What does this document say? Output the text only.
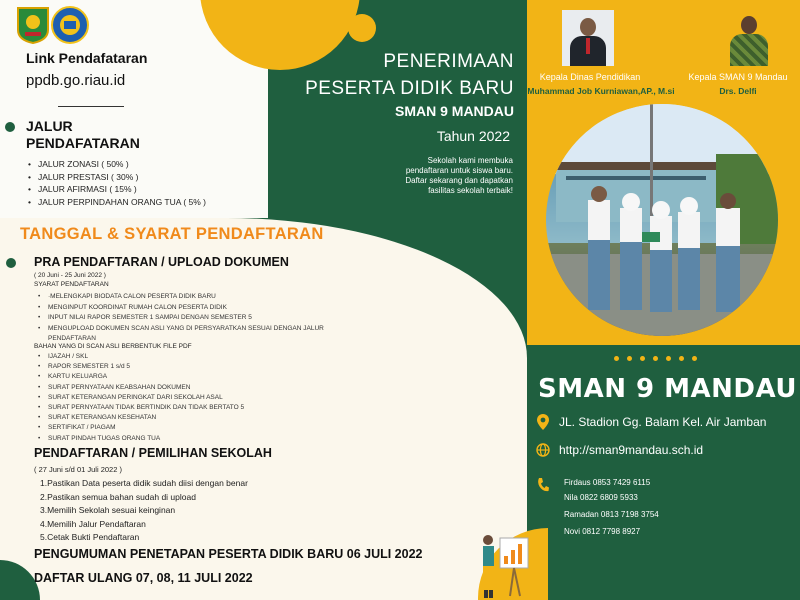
Link Pendafataran
ppdb.go.riau.id
JALUR
PENDAFATARAN
• JALUR ZONASI ( 50% )
• JALUR PRESTASI ( 30% )
• JALUR AFIRMASI ( 15% )
• JALUR PERPINDAHAN ORANG TUA ( 5% )
PENERIMAAN
PESERTA DIDIK BARU
SMAN 9 MANDAU
Tahun 2022
Sekolah kami membuka
pendaftaran untuk siswa baru.
Daftar sekarang dan dapatkan
fasilitas sekolah terbaik!
Kepala Dinas Pendidikan
Muhammad Job Kurniawan,AP., M.si
Kepala SMAN 9 Mandau
Drs. Delfi
TANGGAL & SYARAT PENDAFTARAN
PRA PENDAFTARAN / UPLOAD DOKUMEN
( 20 Juni - 25 Juni 2022 )
SYARAT PENDAFTARAN
• ·MELENGKAPI BIODATA CALON PESERTA DIDIK BARU
• MENGINPUT KOORDINAT RUMAH CALON PESERTA DIDIK
• INPUT NILAI RAPOR SEMESTER 1 SAMPAI DENGAN SEMESTER 5
• MENGUPLOAD DOKUMEN SCAN ASLI YANG DI PERSYARATKAN SESUAI DENGAN JALUR PENDAFTARAN
BAHAN YANG DI SCAN ASLI BERBENTUK FILE PDF
• IJAZAH / SKL
• RAPOR SEMESTER 1 s/d 5
• KARTU KELUARGA
• SURAT PERNYATAAN KEABSAHAN DOKUMEN
• SURAT KETERANGAN PERINGKAT DARI SEKOLAH ASAL
• SURAT PERNYATAAN TIDAK BERTINDIK DAN TIDAK BERTATO 5
• SURAT KETERANGAN KESEHATAN
• SERTIFIKAT / PIAGAM
• SURAT PINDAH TUGAS ORANG TUA
PENDAFTARAN / PEMILIHAN SEKOLAH
( 27 Juni s/d 01 Juli 2022 )
1.Pastikan Data peserta didik sudah diisi dengan benar
2.Pastikan semua bahan sudah di upload
3.Memilih Sekolah sesuai keinginan
4.Memilih Jalur Pendaftaran
5.Cetak Bukti Pendaftaran
PENGUMUMAN PENETAPAN PESERTA DIDIK BARU 06 JULI 2022
DAFTAR ULANG 07, 08, 11 JULI 2022
SMAN 9 MANDAU
JL. Stadion Gg. Balam Kel. Air Jamban
http://sman9mandau.sch.id
Firdaus 0853 7429 6115
Nila 0822 6809 5933
Ramadan 0813 7198 3754
Novi 0812 7798 8927
